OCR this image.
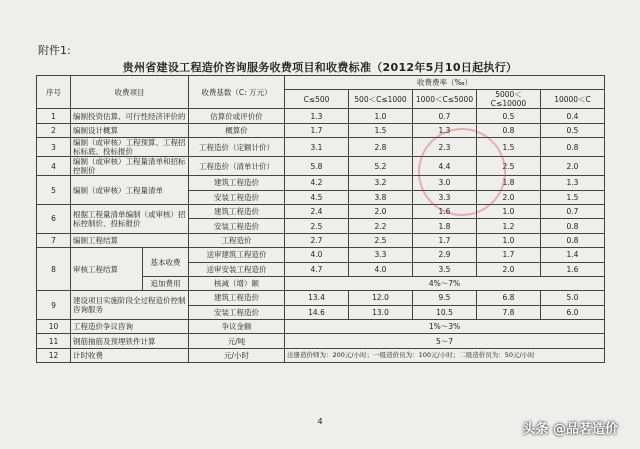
附件1:
贵州省建设工程造价咨询服务收费项目和收费标准（2012年5月10日起执行）
序号	收费项目		收费基数（C: 万元）	收费费率（‰）				
				C≤500	500＜C≤1000	1000＜C≤5000	5000＜C≤10000	10000＜C
1	编制投资估算、可行性经济评价的		估算价或评价价	1.3	1.0	0.7	0.5	0.4
2	编制设计概算		概算价	1.7	1.5	1.3	0.8	0.5
3	编制（或审核）工程预算、工程招标标底、投标报价		工程造价（定额计价）	3.1	2.8	2.3	1.5	0.8
4	编制（或审核）工程量清单和招标控制价		工程造价（清单计价）	5.8	5.2	4.4	2.5	2.0
5	编制（或审核）工程量清单		建筑工程造价	4.2	3.2	3.0	1.8	1.3
			安装工程造价	4.5	3.8	3.3	2.0	1.5
6	根据工程量清单编制（或审核）招标控制价、投标报价		建筑工程造价	2.4	2.0	1.6	1.0	0.7
			安装工程造价	2.5	2.2	1.8	1.2	0.8
7	编制工程结算		工程造价	2.7	2.5	1.7	1.0	0.8
8	审核工程结算	基本收费	送审建筑工程造价	4.0	3.3	2.9	1.7	1.4
			送审安装工程造价	4.7	4.0	3.5	2.0	1.6
		追加费用	核减（增）额	4%～7%				
9	建设项目实施阶段全过程造价控制咨询服务		建筑工程造价	13.4	12.0	9.5	6.8	5.0
			安装工程造价	14.6	13.0	10.5	7.8	6.0
10	工程造价争议咨询		争议金额	1%～3%				
11	钢筋抽筋及预埋铁件计算		元/吨	5～7				
12	计时收费		元/小时	注册造价师为：200元/小时；一级造价员为：100元/小时；二级造价员为：50元/小时				
4
头条 @品茗造价
